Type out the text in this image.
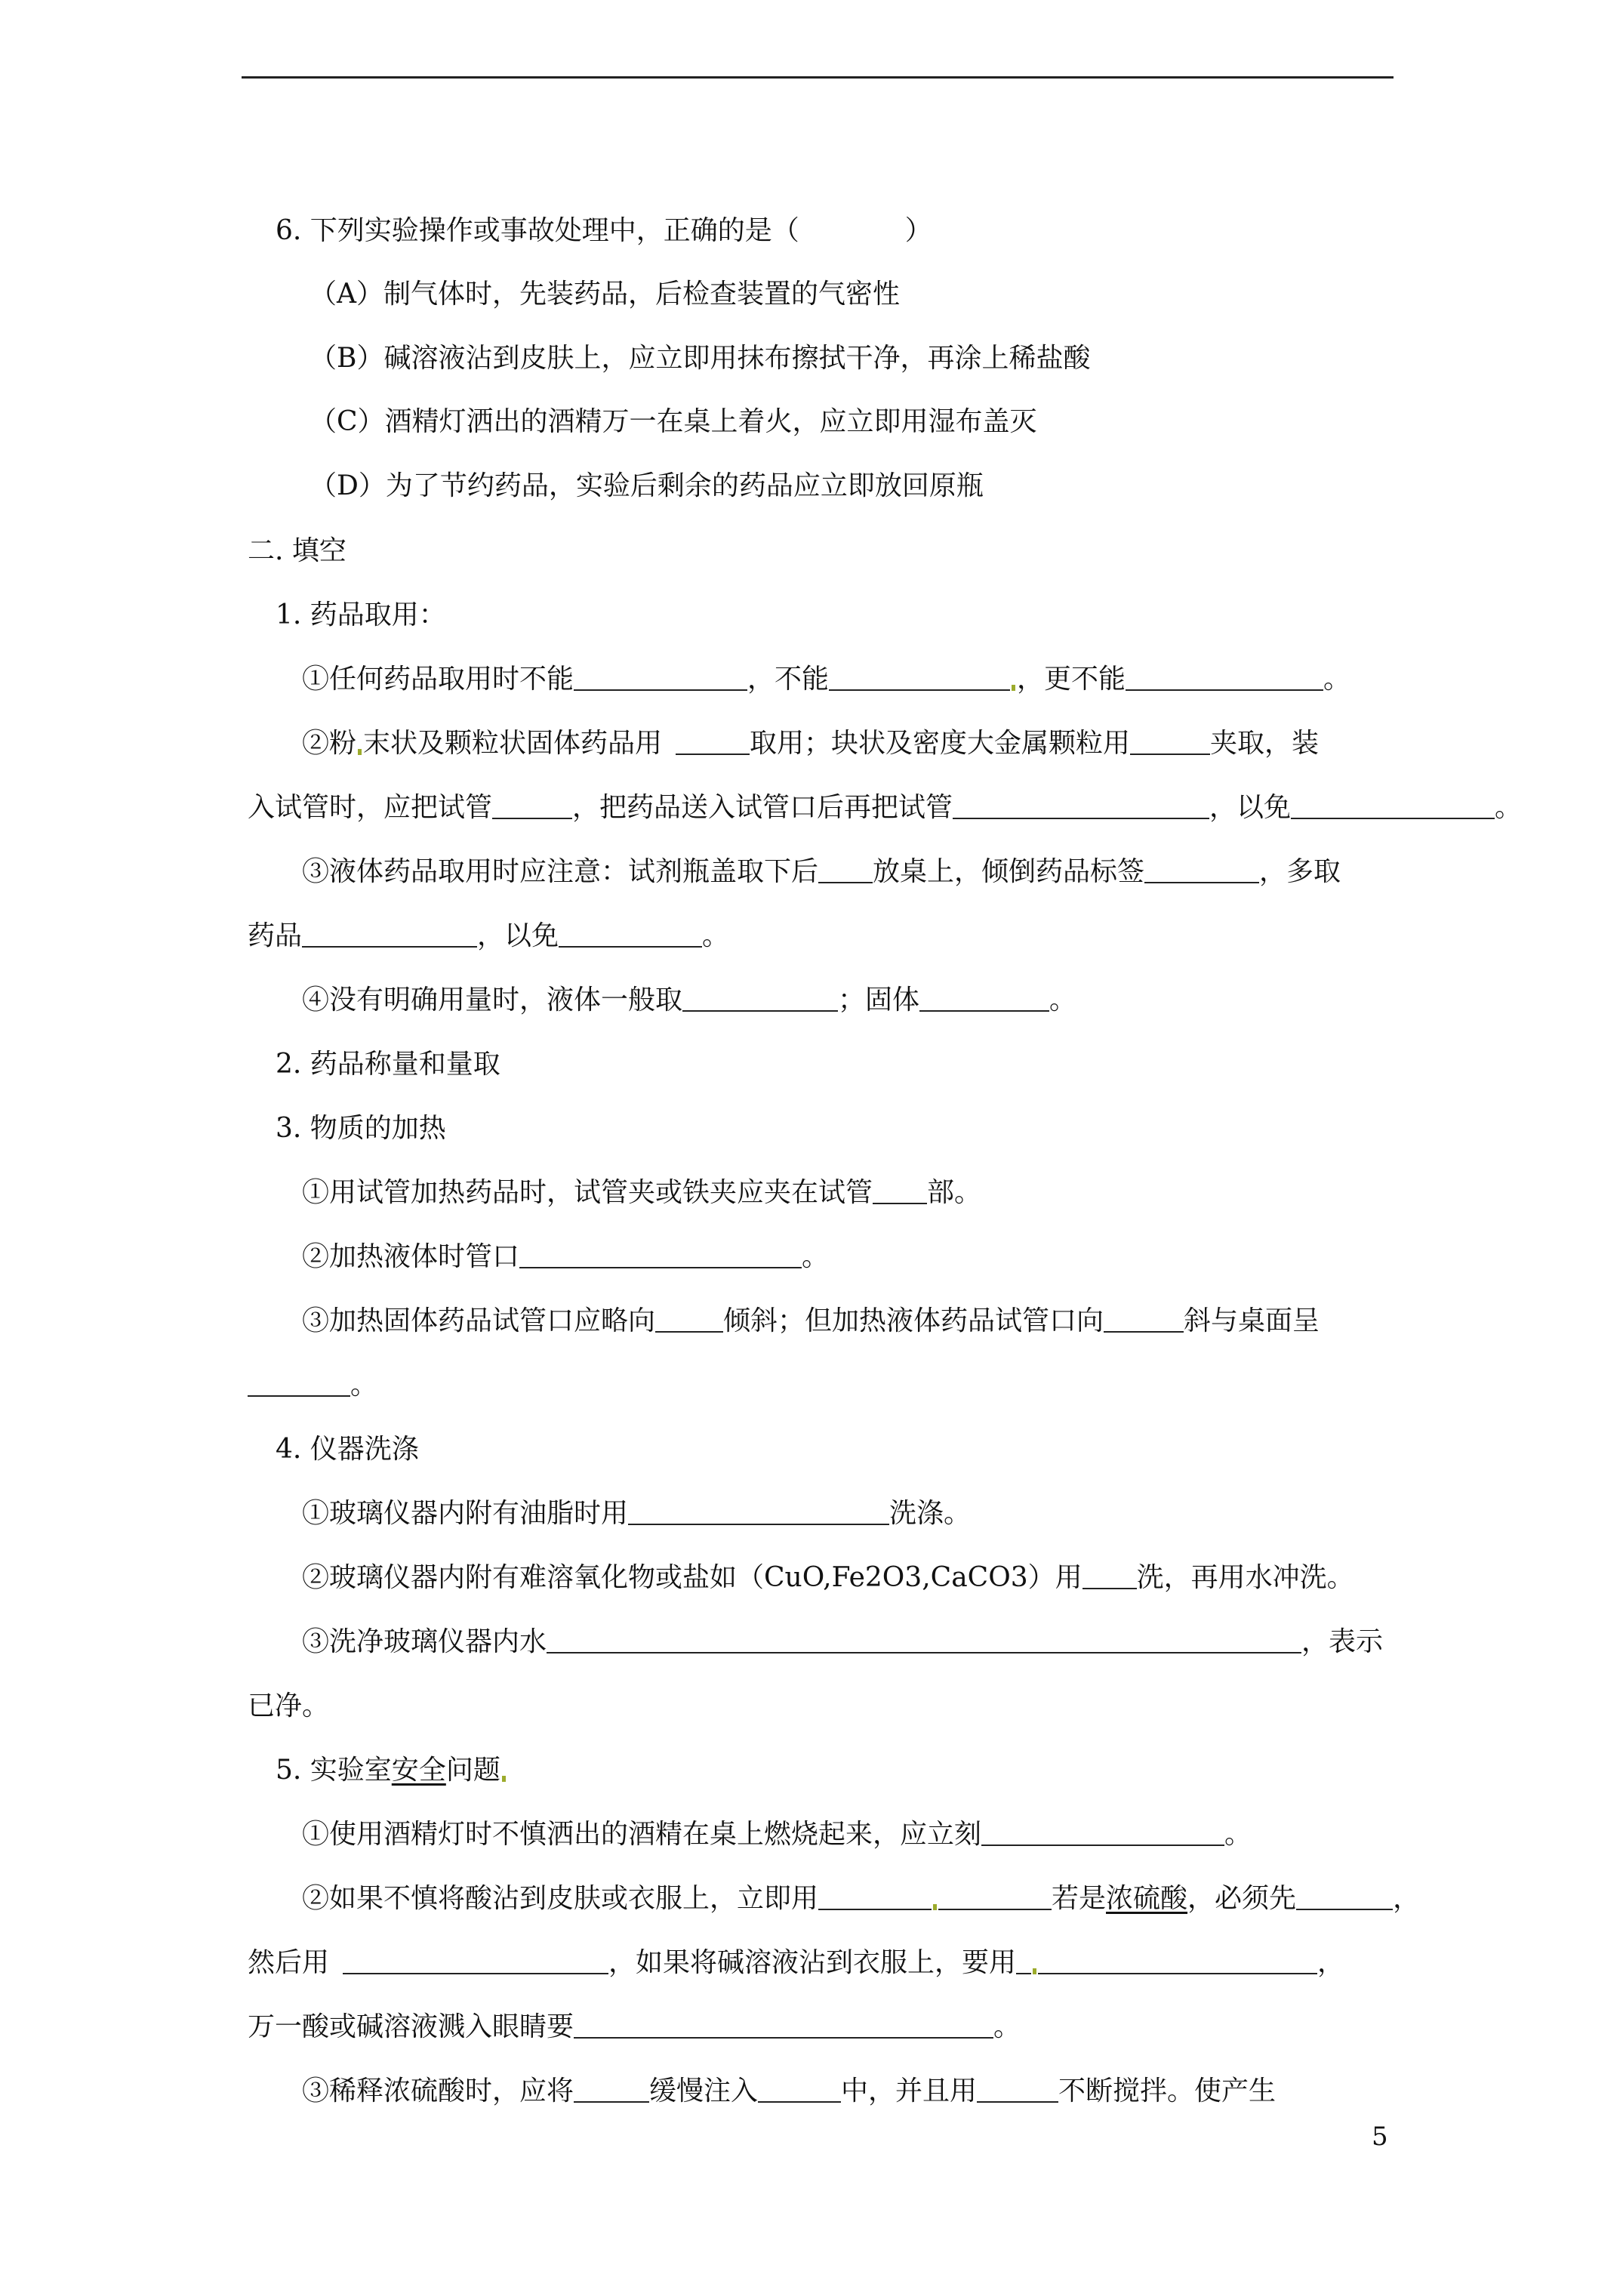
6. 下列实验操作或事故处理中，正确的是（	）
（A）制气体时，先装药品，后检查装置的气密性
（B）碱溶液沾到皮肤上，应立即用抹布擦拭干净，再涂上稀盐酸
（C）酒精灯洒出的酒精万一在桌上着火，应立即用湿布盖灭
（D）为了节约药品，实验后剩余的药品应立即放回原瓶
二. 填空
1. 药品取用：
①任何药品取用时不能	，不能	，更不能	。
②粉 末状及颗粒状固体药品用	取用；块状及密度大金属颗粒用	夹取，装
入试管时，应把试管	，把药品送入试管口后再把试管	，以免	。
③液体药品取用时应注意：试剂瓶盖取下后 放桌上，倾倒药品标签	，多取
药品	，以免	。
④没有明确用量时，液体一般取	；固体	。
2. 药品称量和量取
3. 物质的加热
①用试管加热药品时，试管夹或铁夹应夹在试管 部。
②加热液体时管口	。
③加热固体药品试管口应略向	倾斜；但加热液体药品试管口向	斜与桌面呈
。
4. 仪器洗涤
①玻璃仪器内附有油脂时用	洗涤。
②玻璃仪器内附有难溶氧化物或盐如（CuO,Fe2O3,CaCO3）用 洗，再用水冲洗。
③洗净玻璃仪器内水	，表示
已净。
5. 实验室安全问题
①使用酒精灯时不慎洒出的酒精在桌上燃烧起来，应立刻	。
②如果不慎将酸沾到皮肤或衣服上，立即用	若是浓硫酸，必须先	，
然后用	，如果将碱溶液沾到衣服上，要用	，
万一酸或碱溶液溅入眼睛要	。
③稀释浓硫酸时，应将	缓慢注入	中，并且用	不断搅拌。使产生
5
